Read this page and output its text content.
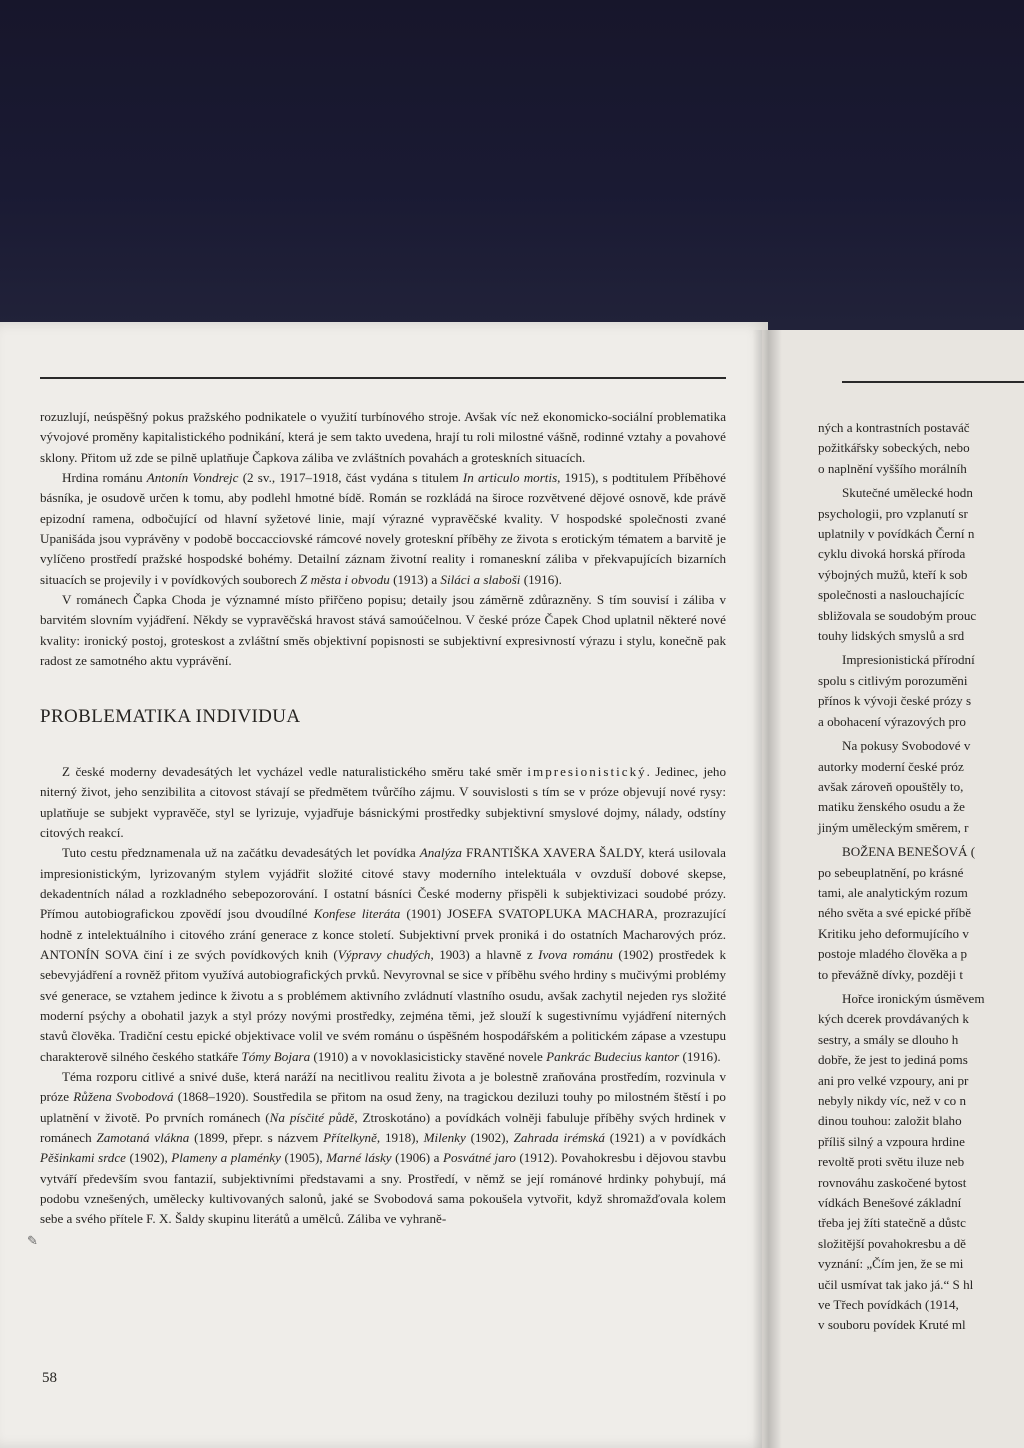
rozuzlují, neúspěšný pokus pražského podnikatele o využití turbínového stroje. Avšak víc než ekonomicko-sociální problematika vývojové proměny kapitalistického podnikání, která je sem takto uvedena, hrají tu roli milostné vášně, rodinné vztahy a povahové sklony. Přitom už zde se pilně uplatňuje Čapkova záliba ve zvláštních povahách a groteskních situacích.

Hrdina románu Antonín Vondrejc (2 sv., 1917–1918, část vydána s titulem In articulo mortis, 1915), s podtitulem Příběhové básníka, je osudově určen k tomu, aby podlehl hmotné bídě. Román se rozkládá na široce rozvětvené dějové osnově, kde právě epizodní ramena, odbočující od hlavní syžetové linie, mají výrazné vypravěčské kvality. V hospodské společnosti zvané Upanišáda jsou vyprávěny v podobě boccacciovské rámcové novely groteskní příběhy ze života s erotickým tématem a barvitě je vylíčeno prostředí pražské hospodské bohémy. Detailní záznam životní reality i romaneskní záliba v překvapujících bizarních situacích se projevily i v povídkových souborech Z města i obvodu (1913) a Siláci a slaboši (1916).

V románech Čapka Choda je významné místo přiřčeno popisu; detaily jsou záměrně zdůrazněny. S tím souvisí i záliba v barvitém slovním vyjádření. Někdy se vypravěčská hravost stává samoúčelnou. V české próze Čapek Chod uplatnil některé nové kvality: ironický postoj, groteskost a zvláštní směs objektivní popisnosti se subjektivní expresivností výrazu i stylu, konečně pak radost ze samotného aktu vyprávění.

PROBLEMATIKA INDIVIDUA

Z české moderny devadesátých let vycházel vedle naturalistického směru také směr impresionistický. Jedinec, jeho niterný život, jeho senzibilita a citovost stávají se předmětem tvůrčího zájmu. V souvislosti s tím se v próze objevují nové rysy: uplatňuje se subjekt vypravěče, styl se lyrizuje, vyjadřuje básnickými prostředky subjektivní smyslové dojmy, nálady, odstíny citových reakcí.

Tuto cestu předznamenala už na začátku devadesátých let povídka Analýza FRANTIŠKA XAVERA ŠALDY, která usilovala impresionistickým, lyrizovaným stylem vyjádřit složité citové stavy moderního intelektuála v ovzduší dobové skepse, dekadentních nálad a rozkladného sebepozorování. I ostatní básníci České moderny přispěli k subjektivizaci soudobé prózy. Přímou autobiografickou zpovědí jsou dvoudílné Konfese literáta (1901) JOSEFA SVATOPLUKA MACHARA, prozrazující hodně z intelektuálního i citového zrání generace z konce století. Subjektivní prvek proniká i do ostatních Macharových próz. ANTONÍN SOVA činí i ze svých povídkových knih (Výpravy chudých, 1903) a hlavně z Ivova románu (1902) prostředek k sebevyjádření a rovněž přitom využívá autobiografických prvků. Nevyrovnal se sice v příběhu svého hrdiny s mučivými problémy své generace, se vztahem jedince k životu a s problémem aktivního zvládnutí vlastního osudu, avšak zachytil nejeden rys složité moderní psýchy a obohatil jazyk a styl prózy novými prostředky, zejména těmi, jež slouží k sugestivnímu vyjádření niterných stavů člověka. Tradiční cestu epické objektivace volil ve svém románu o úspěšném hospodářském a politickém zápase a vzestupu charakterově silného českého statkáře Tómy Bojara (1910) a v novoklasicisticky stavěné novele Pankrác Budecius kantor (1916).

Téma rozporu citlivé a snivé duše, která naráží na necitlivou realitu života a je bolestně zraňována prostředím, rozvinula v próze Růžena Svobodová (1868–1920). Soustředila se přitom na osud ženy, na tragickou deziluzi touhy po milostném štěstí i po uplatnění v životě. Po prvních románech (Na písčité půdě, Ztroskotáno) a povídkách volněji fabuluje příběhy svých hrdinek v románech Zamotaná vlákna (1899, přepr. s názvem Přítelkyně, 1918), Milenky (1902), Zahrada irémská (1921) a v povídkách Pěšinkami srdce (1902), Plameny a plaménky (1905), Marné lásky (1906) a Posvátné jaro (1912). Povahokresbu i dějovou stavbu vytváří především svou fantazií, subjektivními představami a sny. Prostředí, v němž se její románové hrdinky pohybují, má podobu vznešených, umělecky kultivovaných salonů, jaké se Svobodová sama pokoušela vytvořit, když shromažďovala kolem sebe a svého přítele F. X. Šaldy skupinu literátů a umělců. Záliba ve vyhraně-

58
✎
ných a kontrastních postaváč
požitkářsky sobeckých, nebo
o naplnění vyššího morálníh
Skutečné umělecké hodn
psychologii, pro vzplanutí sr
uplatnily v povídkách Černí n
cyklu divoká horská příroda
výbojných mužů, kteří k sob
společnosti a naslouchajícíc
sbližovala se soudobým prouc
touhy lidských smyslů a srd
Impresionistická přírodní
spolu s citlivým porozuměni
přínos k vývoji české prózy s
a obohacení výrazových pro
Na pokusy Svobodové v
autorky moderní české próz
avšak zároveň opouštěly to,
matiku ženského osudu a že
jiným uměleckým směrem, r
BOŽENA BENEŠOVÁ (
po sebeuplatnění, po krásné
tami, ale analytickým rozum
ného světa a své epické příbě
Kritiku jeho deformujícího v
postoje mladého člověka a p
to převážně dívky, později t
Hořce ironickým úsměvem
kých dcerek provdávaných k
sestry, a smály se dlouho h
dobře, že jest to jediná poms
ani pro velké vzpoury, ani pr
nebyly nikdy víc, než v co n
dinou touhou: založit blaho
příliš silný a vzpoura hrdine
revoltě proti světu iluze neb
rovnováhu zaskočené bytost
vídkách Benešové základní
třeba jej žíti statečně a důstc
složitější povahokresbu a dě
vyznání: „Čím jen, že se mi
učil usmívat tak jako já.“ S hl
ve Třech povídkách (1914,
v souboru povídek Kruté ml
